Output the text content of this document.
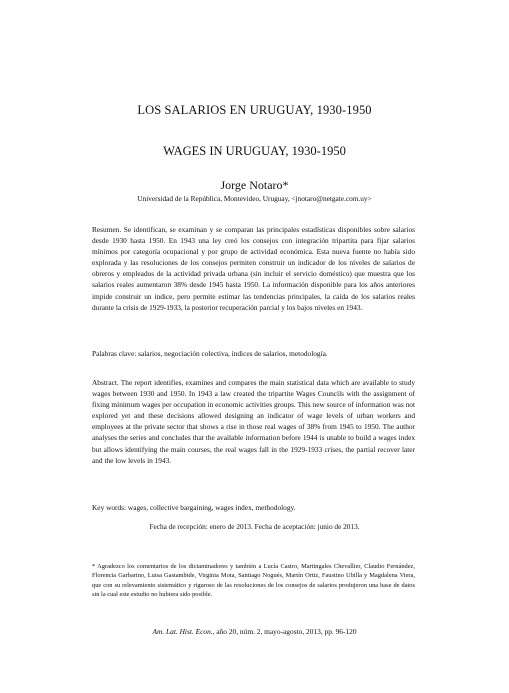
LOS SALARIOS EN URUGUAY, 1930-1950
WAGES IN URUGUAY, 1930-1950
Jorge Notaro*
Universidad de la República, Montevideo, Uruguay, <jnotaro@netgate.com.uy>
Resumen. Se identifican, se examinan y se comparan las principales estadísticas disponibles sobre salarios desde 1930 hasta 1950. En 1943 una ley creó los consejos con integración tripartita para fijar salarios mínimos por categoría ocupacional y por grupo de actividad económica. Esta nueva fuente no había sido explorada y las resoluciones de los consejos permiten construir un indicador de los niveles de salarios de obreros y empleados de la actividad privada urbana (sin incluir el servicio doméstico) que muestra que los salarios reales aumentaron 38% desde 1945 hasta 1950. La información disponible para los años anteriores impide construir un índice, pero permite estimar las tendencias principales, la caída de los salarios reales durante la crisis de 1929-1933, la posterior recuperación parcial y los bajos niveles en 1943.
Palabras clave: salarios, negociación colectiva, índices de salarios, metodología.
Abstract. The report identifies, examines and compares the main statistical data which are available to study wages between 1930 and 1950. In 1943 a law created the tripartite Wages Councils with the assignment of fixing minimum wages per occupation in economic activities groups. This new source of information was not explored yet and these decisions allowed designing an indicator of wage levels of urban workers and employees at the private sector that shows a rise in those real wages of 38% from 1945 to 1950. The author analyses the series and concludes that the available information before 1944 is unable to build a wages index but allows identifying the main courses, the real wages fall in the 1929-1933 crises, the partial recover later and the low levels in 1943.
Key words: wages, collective bargaining, wages index, methodology.
Fecha de recepción: enero de 2013. Fecha de aceptación: junio de 2013.
* Agradezco los comentarios de los dictaminadores y también a Lucía Castro, Martingales Chevallier, Claudio Fernández, Florencia Garbarino, Luisa Gastambide, Virginia Mota, Santiago Nogués, Martín Ortiz, Faustino Ubilla y Magdalena Viera, que con su relevamiento sistemático y riguroso de las resoluciones de los consejos de salarios produjeron una base de datos sin la cual este estudio no hubiera sido posible.
Am. Lat. Hist. Econ., año 20, núm. 2, mayo-agosto, 2013, pp. 96-120
